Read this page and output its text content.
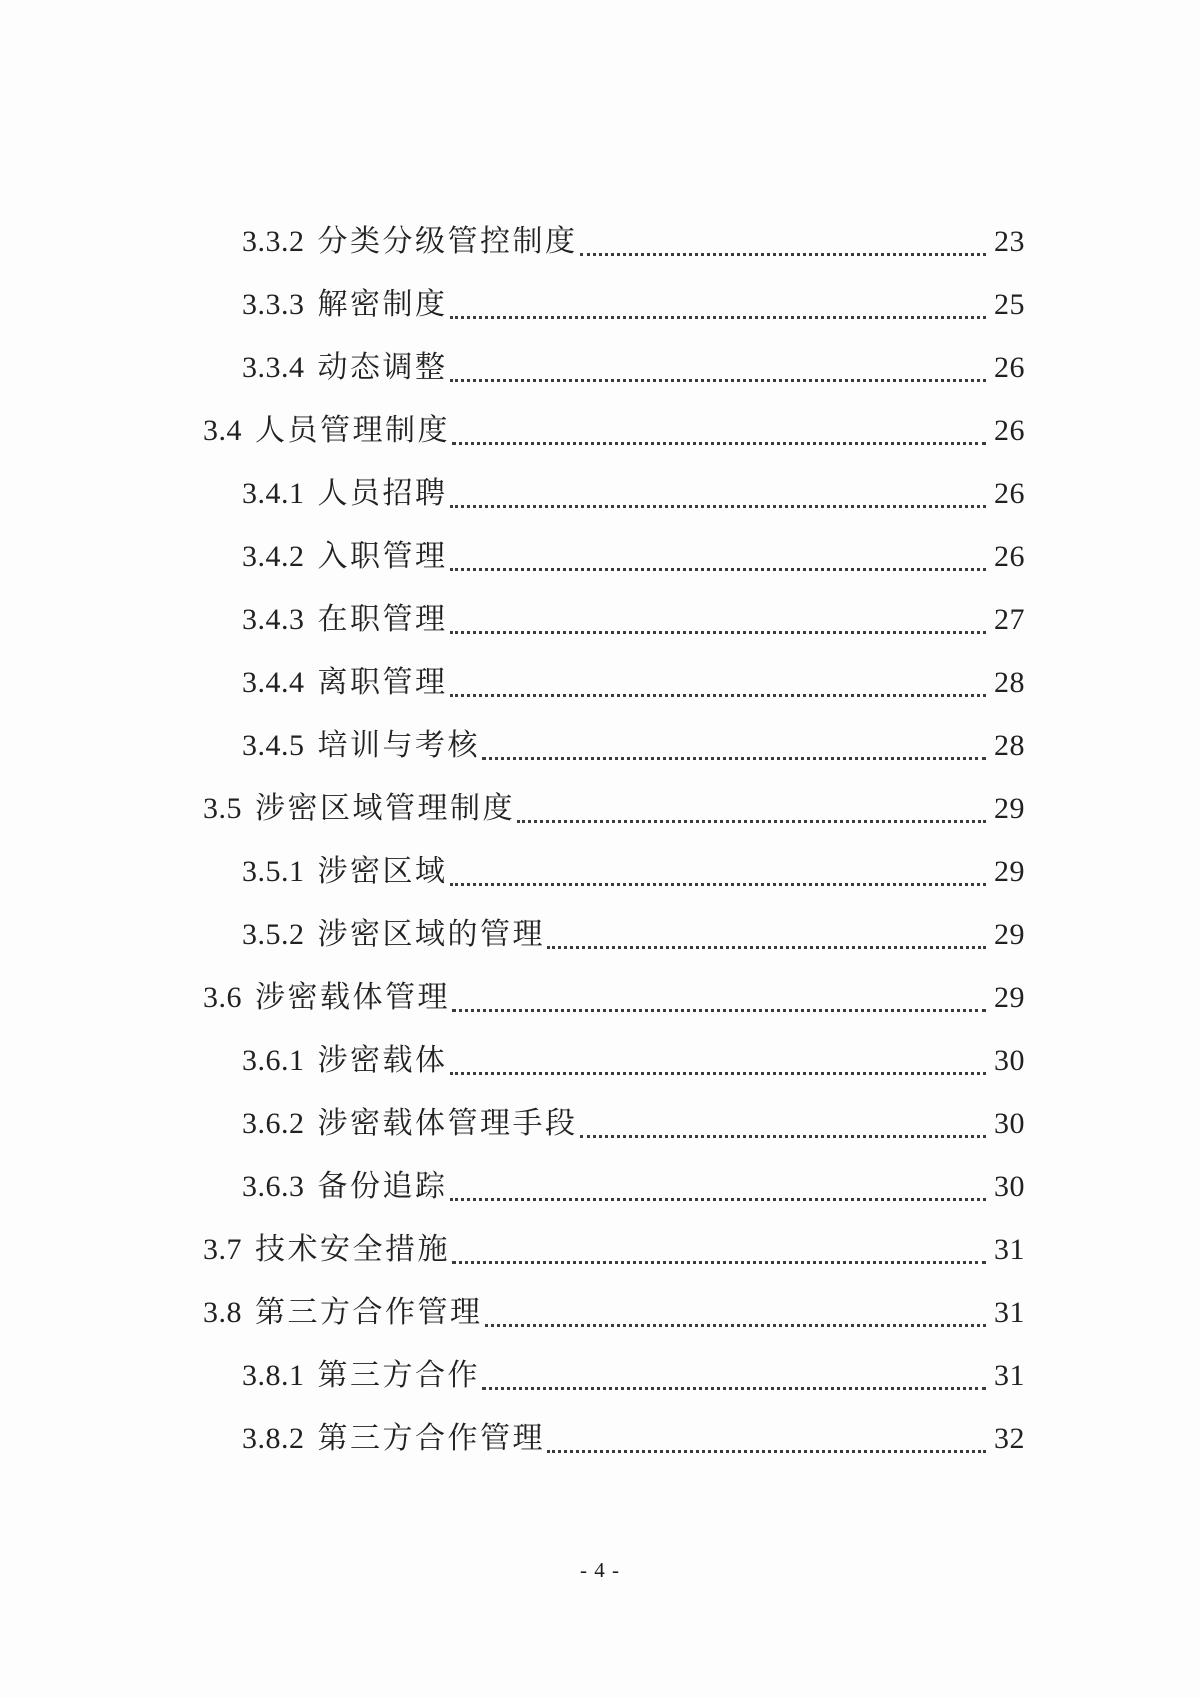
3.3.2 分类分级管控制度	23
3.3.3 解密制度	25
3.3.4 动态调整	26
3.4 人员管理制度	26
3.4.1 人员招聘	26
3.4.2 入职管理	26
3.4.3 在职管理	27
3.4.4 离职管理	28
3.4.5 培训与考核	28
3.5 涉密区域管理制度	29
3.5.1 涉密区域	29
3.5.2 涉密区域的管理	29
3.6 涉密载体管理	29
3.6.1 涉密载体	30
3.6.2 涉密载体管理手段	30
3.6.3 备份追踪	30
3.7 技术安全措施	31
3.8 第三方合作管理	31
3.8.1 第三方合作	31
3.8.2 第三方合作管理	32
- 4 -
